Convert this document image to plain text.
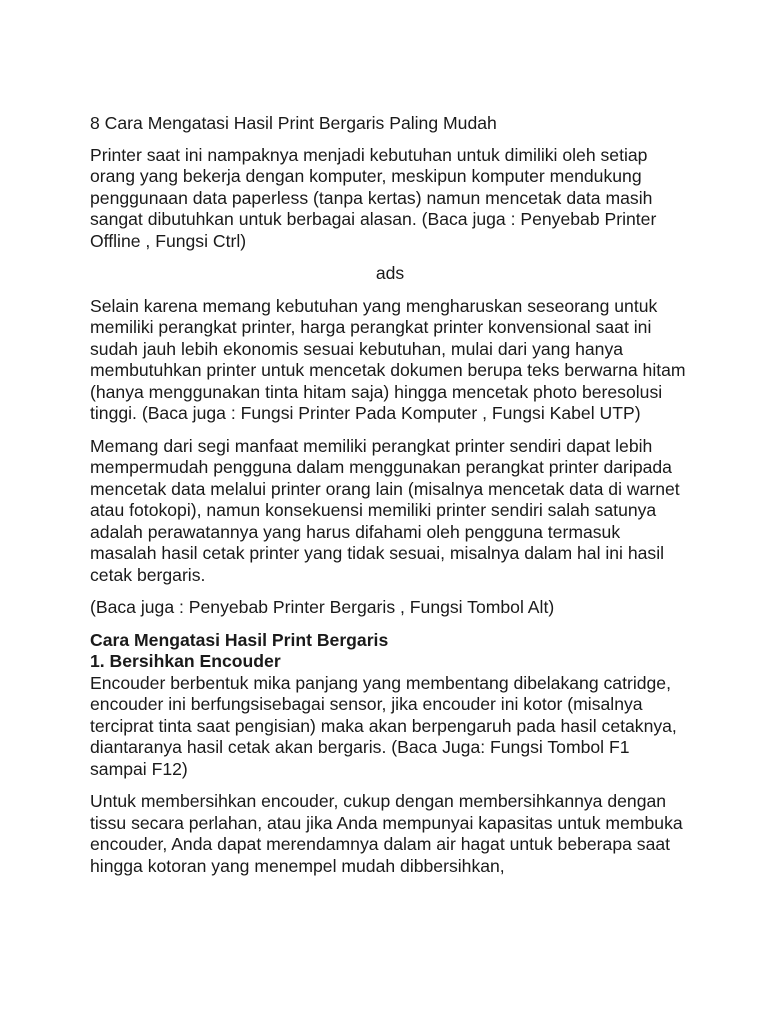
8 Cara Mengatasi Hasil Print Bergaris Paling Mudah

Printer saat ini nampaknya menjadi kebutuhan untuk dimiliki oleh setiap orang yang bekerja dengan komputer, meskipun komputer mendukung penggunaan data paperless (tanpa kertas) namun mencetak data masih sangat dibutuhkan untuk berbagai alasan. (Baca juga : Penyebab Printer Offline , Fungsi Ctrl)

ads

Selain karena memang kebutuhan yang mengharuskan seseorang untuk memiliki perangkat printer, harga perangkat printer konvensional saat ini sudah jauh lebih ekonomis sesuai kebutuhan, mulai dari yang hanya membutuhkan printer untuk mencetak dokumen berupa teks berwarna hitam (hanya menggunakan tinta hitam saja) hingga mencetak photo beresolusi tinggi. (Baca juga : Fungsi Printer Pada Komputer , Fungsi Kabel UTP)

Memang dari segi manfaat memiliki perangkat printer sendiri dapat lebih mempermudah pengguna dalam menggunakan perangkat printer daripada mencetak data melalui printer orang lain (misalnya mencetak data di warnet atau fotokopi), namun konsekuensi memiliki printer sendiri salah satunya adalah perawatannya yang harus difahami oleh pengguna termasuk masalah hasil cetak printer yang tidak sesuai, misalnya dalam hal ini hasil cetak bergaris.

(Baca juga : Penyebab Printer Bergaris , Fungsi Tombol Alt)

Cara Mengatasi Hasil Print Bergaris
1. Bersihkan Encouder
Encouder berbentuk mika panjang yang membentang dibelakang catridge, encouder ini berfungsisebagai sensor, jika encouder ini kotor (misalnya terciprat tinta saat pengisian) maka akan berpengaruh pada hasil cetaknya, diantaranya hasil cetak akan bergaris. (Baca Juga: Fungsi Tombol F1 sampai F12)

Untuk membersihkan encouder, cukup dengan membersihkannya dengan tissu secara perlahan, atau jika Anda mempunyai kapasitas untuk membuka encouder, Anda dapat merendamnya dalam air hagat untuk beberapa saat hingga kotoran yang menempel mudah dibbersihkan,
